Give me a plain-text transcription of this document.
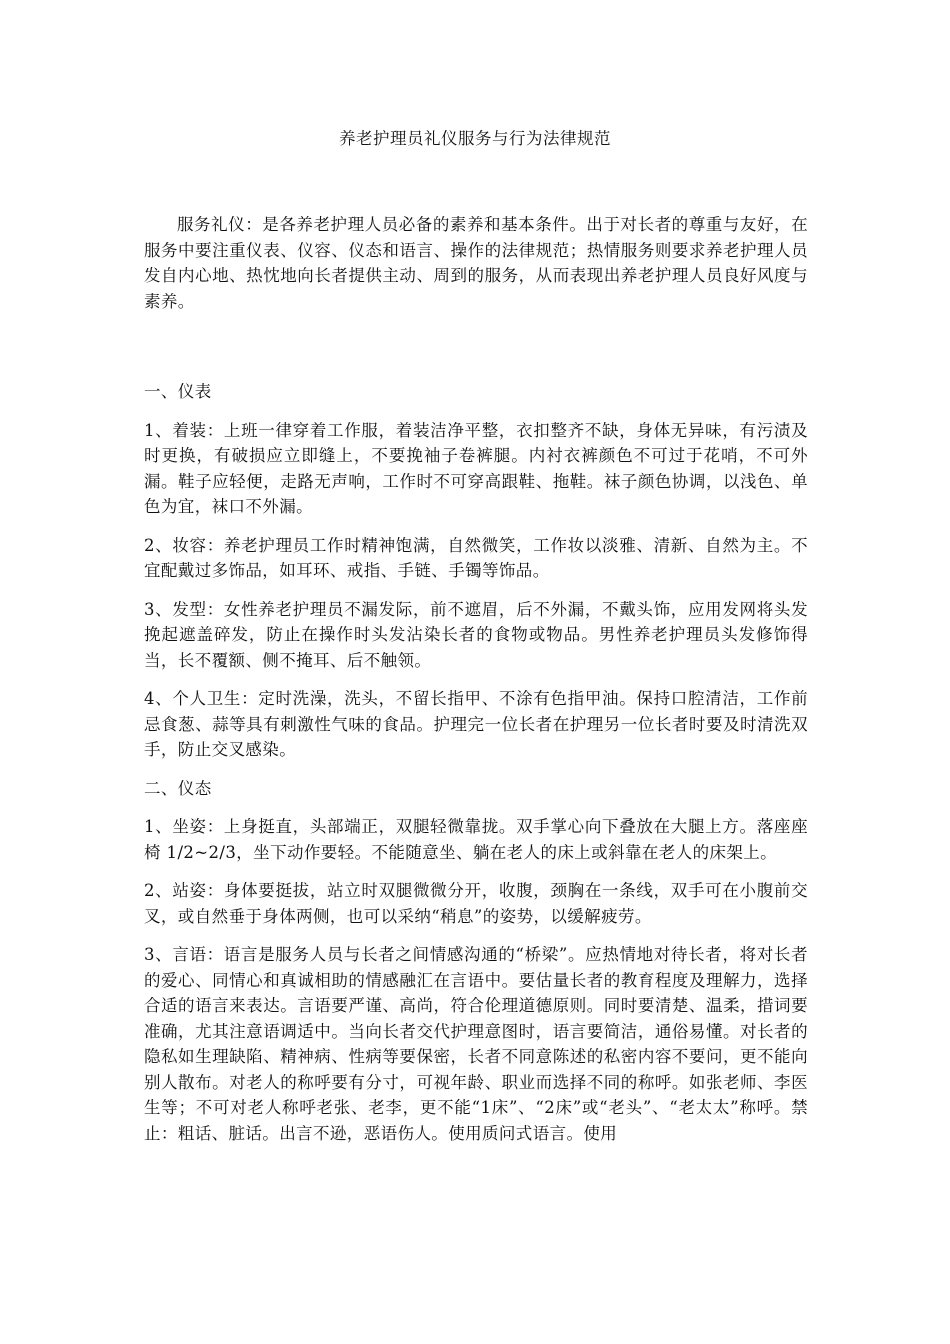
养老护理员礼仪服务与行为法律规范

服务礼仪：是各养老护理人员必备的素养和基本条件。出于对长者的尊重与友好，在服务中要注重仪表、仪容、仪态和语言、操作的法律规范；热情服务则要求养老护理人员发自内心地、热忱地向长者提供主动、周到的服务，从而表现出养老护理人员良好风度与素养。

一、仪表

1、着装：上班一律穿着工作服，着装洁净平整，衣扣整齐不缺，身体无异味，有污渍及时更换，有破损应立即缝上，不要挽袖子卷裤腿。内衬衣裤颜色不可过于花哨，不可外漏。鞋子应轻便，走路无声响，工作时不可穿高跟鞋、拖鞋。袜子颜色协调，以浅色、单色为宜，袜口不外漏。

2、妆容：养老护理员工作时精神饱满，自然微笑，工作妆以淡雅、清新、自然为主。不宜配戴过多饰品，如耳环、戒指、手链、手镯等饰品。

3、发型：女性养老护理员不漏发际，前不遮眉，后不外漏，不戴头饰，应用发网将头发挽起遮盖碎发，防止在操作时头发沾染长者的食物或物品。男性养老护理员头发修饰得当，长不覆额、侧不掩耳、后不触领。

4、个人卫生：定时洗澡，洗头，不留长指甲、不涂有色指甲油。保持口腔清洁，工作前忌食葱、蒜等具有刺激性气味的食品。护理完一位长者在护理另一位长者时要及时清洗双手，防止交叉感染。

二、仪态

1、坐姿：上身挺直，头部端正，双腿轻微靠拢。双手掌心向下叠放在大腿上方。落座座椅 1/2~2/3，坐下动作要轻。不能随意坐、躺在老人的床上或斜靠在老人的床架上。

2、站姿：身体要挺拔，站立时双腿微微分开，收腹，颈胸在一条线，双手可在小腹前交叉，或自然垂于身体两侧，也可以采纳“稍息”的姿势，以缓解疲劳。

3、言语：语言是服务人员与长者之间情感沟通的“桥梁”。应热情地对待长者，将对长者的爱心、同情心和真诚相助的情感融汇在言语中。要估量长者的教育程度及理解力，选择合适的语言来表达。言语要严谨、高尚，符合伦理道德原则。同时要清楚、温柔，措词要准确，尤其注意语调适中。当向长者交代护理意图时，语言要简洁，通俗易懂。对长者的隐私如生理缺陷、精神病、性病等要保密，长者不同意陈述的私密内容不要问，更不能向别人散布。对老人的称呼要有分寸，可视年龄、职业而选择不同的称呼。如张老师、李医生等；不可对老人称呼老张、老李，更不能“1床”、“2床”或“老头”、“老太太”称呼。禁止：粗话、脏话。出言不逊，恶语伤人。使用质问式语言。使用
